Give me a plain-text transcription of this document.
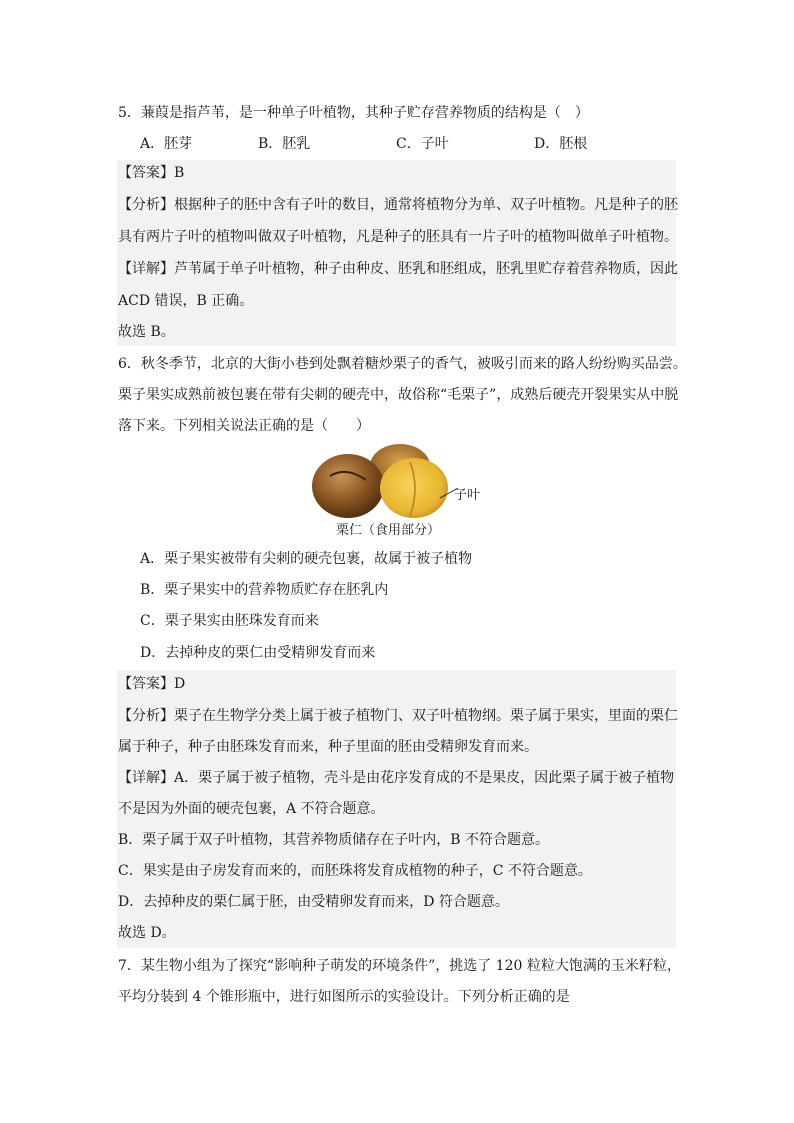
5．蒹葭是指芦苇，是一种单子叶植物，其种子贮存营养物质的结构是（　）
A．胚芽	B．胚乳	C．子叶	D．胚根
【答案】B
【分析】根据种子的胚中含有子叶的数目，通常将植物分为单、双子叶植物。凡是种子的胚
具有两片子叶的植物叫做双子叶植物，凡是种子的胚具有一片子叶的植物叫做单子叶植物。
【详解】芦苇属于单子叶植物，种子由种皮、胚乳和胚组成，胚乳里贮存着营养物质，因此
ACD 错误，B 正确。
故选 B。
6．秋冬季节，北京的大街小巷到处飘着糖炒栗子的香气，被吸引而来的路人纷纷购买品尝。
栗子果实成熟前被包裹在带有尖刺的硬壳中，故俗称“毛栗子”，成熟后硬壳开裂果实从中脱
落下来。下列相关说法正确的是（　　）
子叶
栗仁（食用部分）
A．栗子果实被带有尖刺的硬壳包裹，故属于被子植物
B．栗子果实中的营养物质贮存在胚乳内
C．栗子果实由胚珠发育而来
D．去掉种皮的栗仁由受精卵发育而来
【答案】D
【分析】栗子在生物学分类上属于被子植物门、双子叶植物纲。栗子属于果实，里面的栗仁
属于种子，种子由胚珠发育而来，种子里面的胚由受精卵发育而来。
【详解】A．栗子属于被子植物，壳斗是由花序发育成的不是果皮，因此栗子属于被子植物
不是因为外面的硬壳包裹，A 不符合题意。
B．栗子属于双子叶植物，其营养物质储存在子叶内，B 不符合题意。
C．果实是由子房发育而来的，而胚珠将发育成植物的种子，C 不符合题意。
D．去掉种皮的栗仁属于胚，由受精卵发育而来，D 符合题意。
故选 D。
7．某生物小组为了探究“影响种子萌发的环境条件”，挑选了 120 粒粒大饱满的玉米籽粒，
平均分装到 4 个锥形瓶中，进行如图所示的实验设计。下列分析正确的是
